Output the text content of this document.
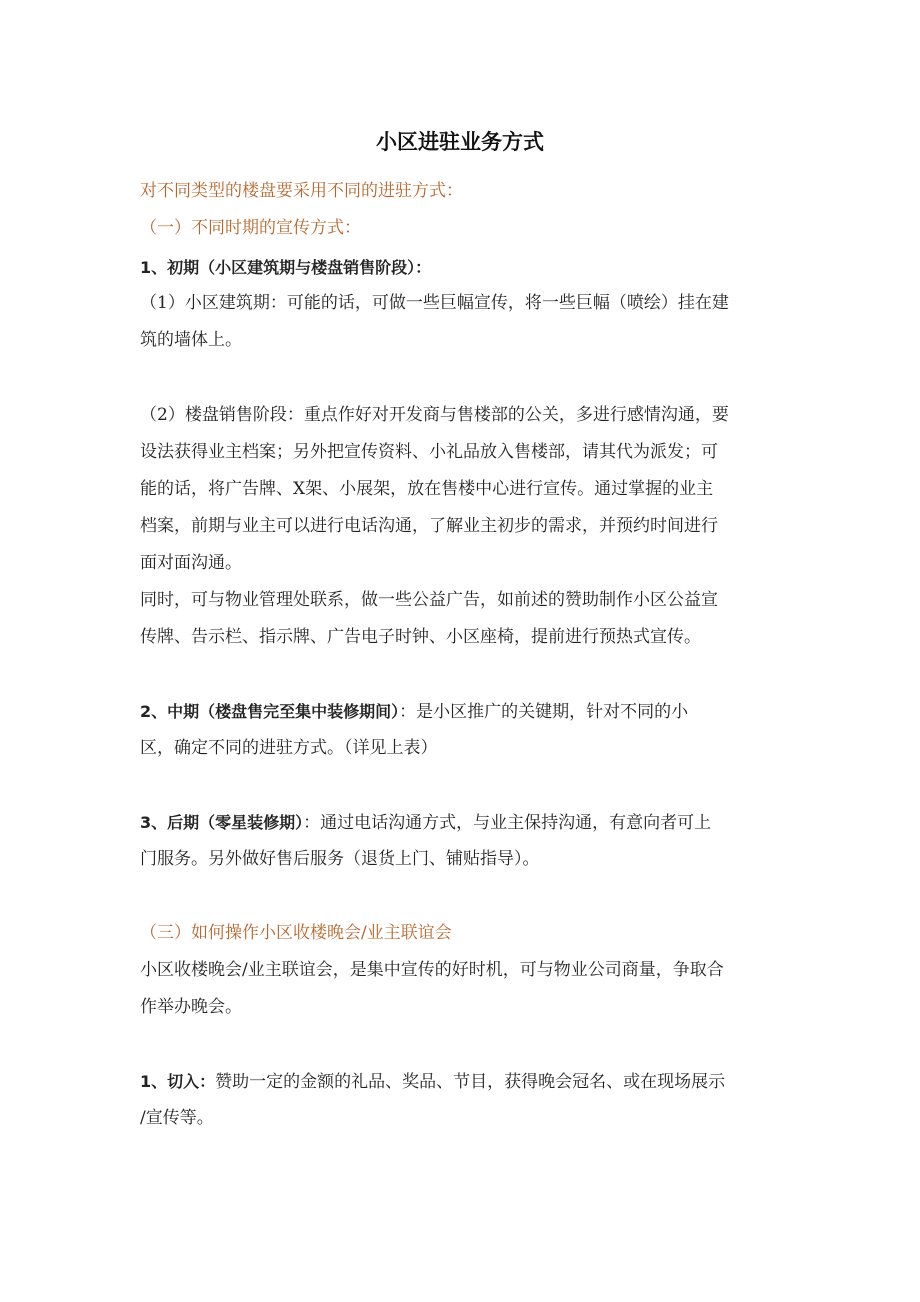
小区进驻业务方式
对不同类型的楼盘要采用不同的进驻方式：
（一）不同时期的宣传方式：
1、初期（小区建筑期与楼盘销售阶段）：
（1）小区建筑期：可能的话，可做一些巨幅宣传，将一些巨幅（喷绘）挂在建
筑的墙体上。
（2）楼盘销售阶段：重点作好对开发商与售楼部的公关，多进行感情沟通，要
设法获得业主档案；另外把宣传资料、小礼品放入售楼部，请其代为派发；可
能的话，将广告牌、X架、小展架，放在售楼中心进行宣传。通过掌握的业主
档案，前期与业主可以进行电话沟通，了解业主初步的需求，并预约时间进行
面对面沟通。
同时，可与物业管理处联系，做一些公益广告，如前述的赞助制作小区公益宣
传牌、告示栏、指示牌、广告电子时钟、小区座椅，提前进行预热式宣传。
2、中期（楼盘售完至集中装修期间）：是小区推广的关键期，针对不同的小
区，确定不同的进驻方式。（详见上表）
3、后期（零星装修期）：通过电话沟通方式，与业主保持沟通，有意向者可上
门服务。另外做好售后服务（退货上门、铺贴指导）。
（三）如何操作小区收楼晚会/业主联谊会
小区收楼晚会/业主联谊会，是集中宣传的好时机，可与物业公司商量，争取合
作举办晚会。
1、切入：赞助一定的金额的礼品、奖品、节目，获得晚会冠名、或在现场展示
/宣传等。
